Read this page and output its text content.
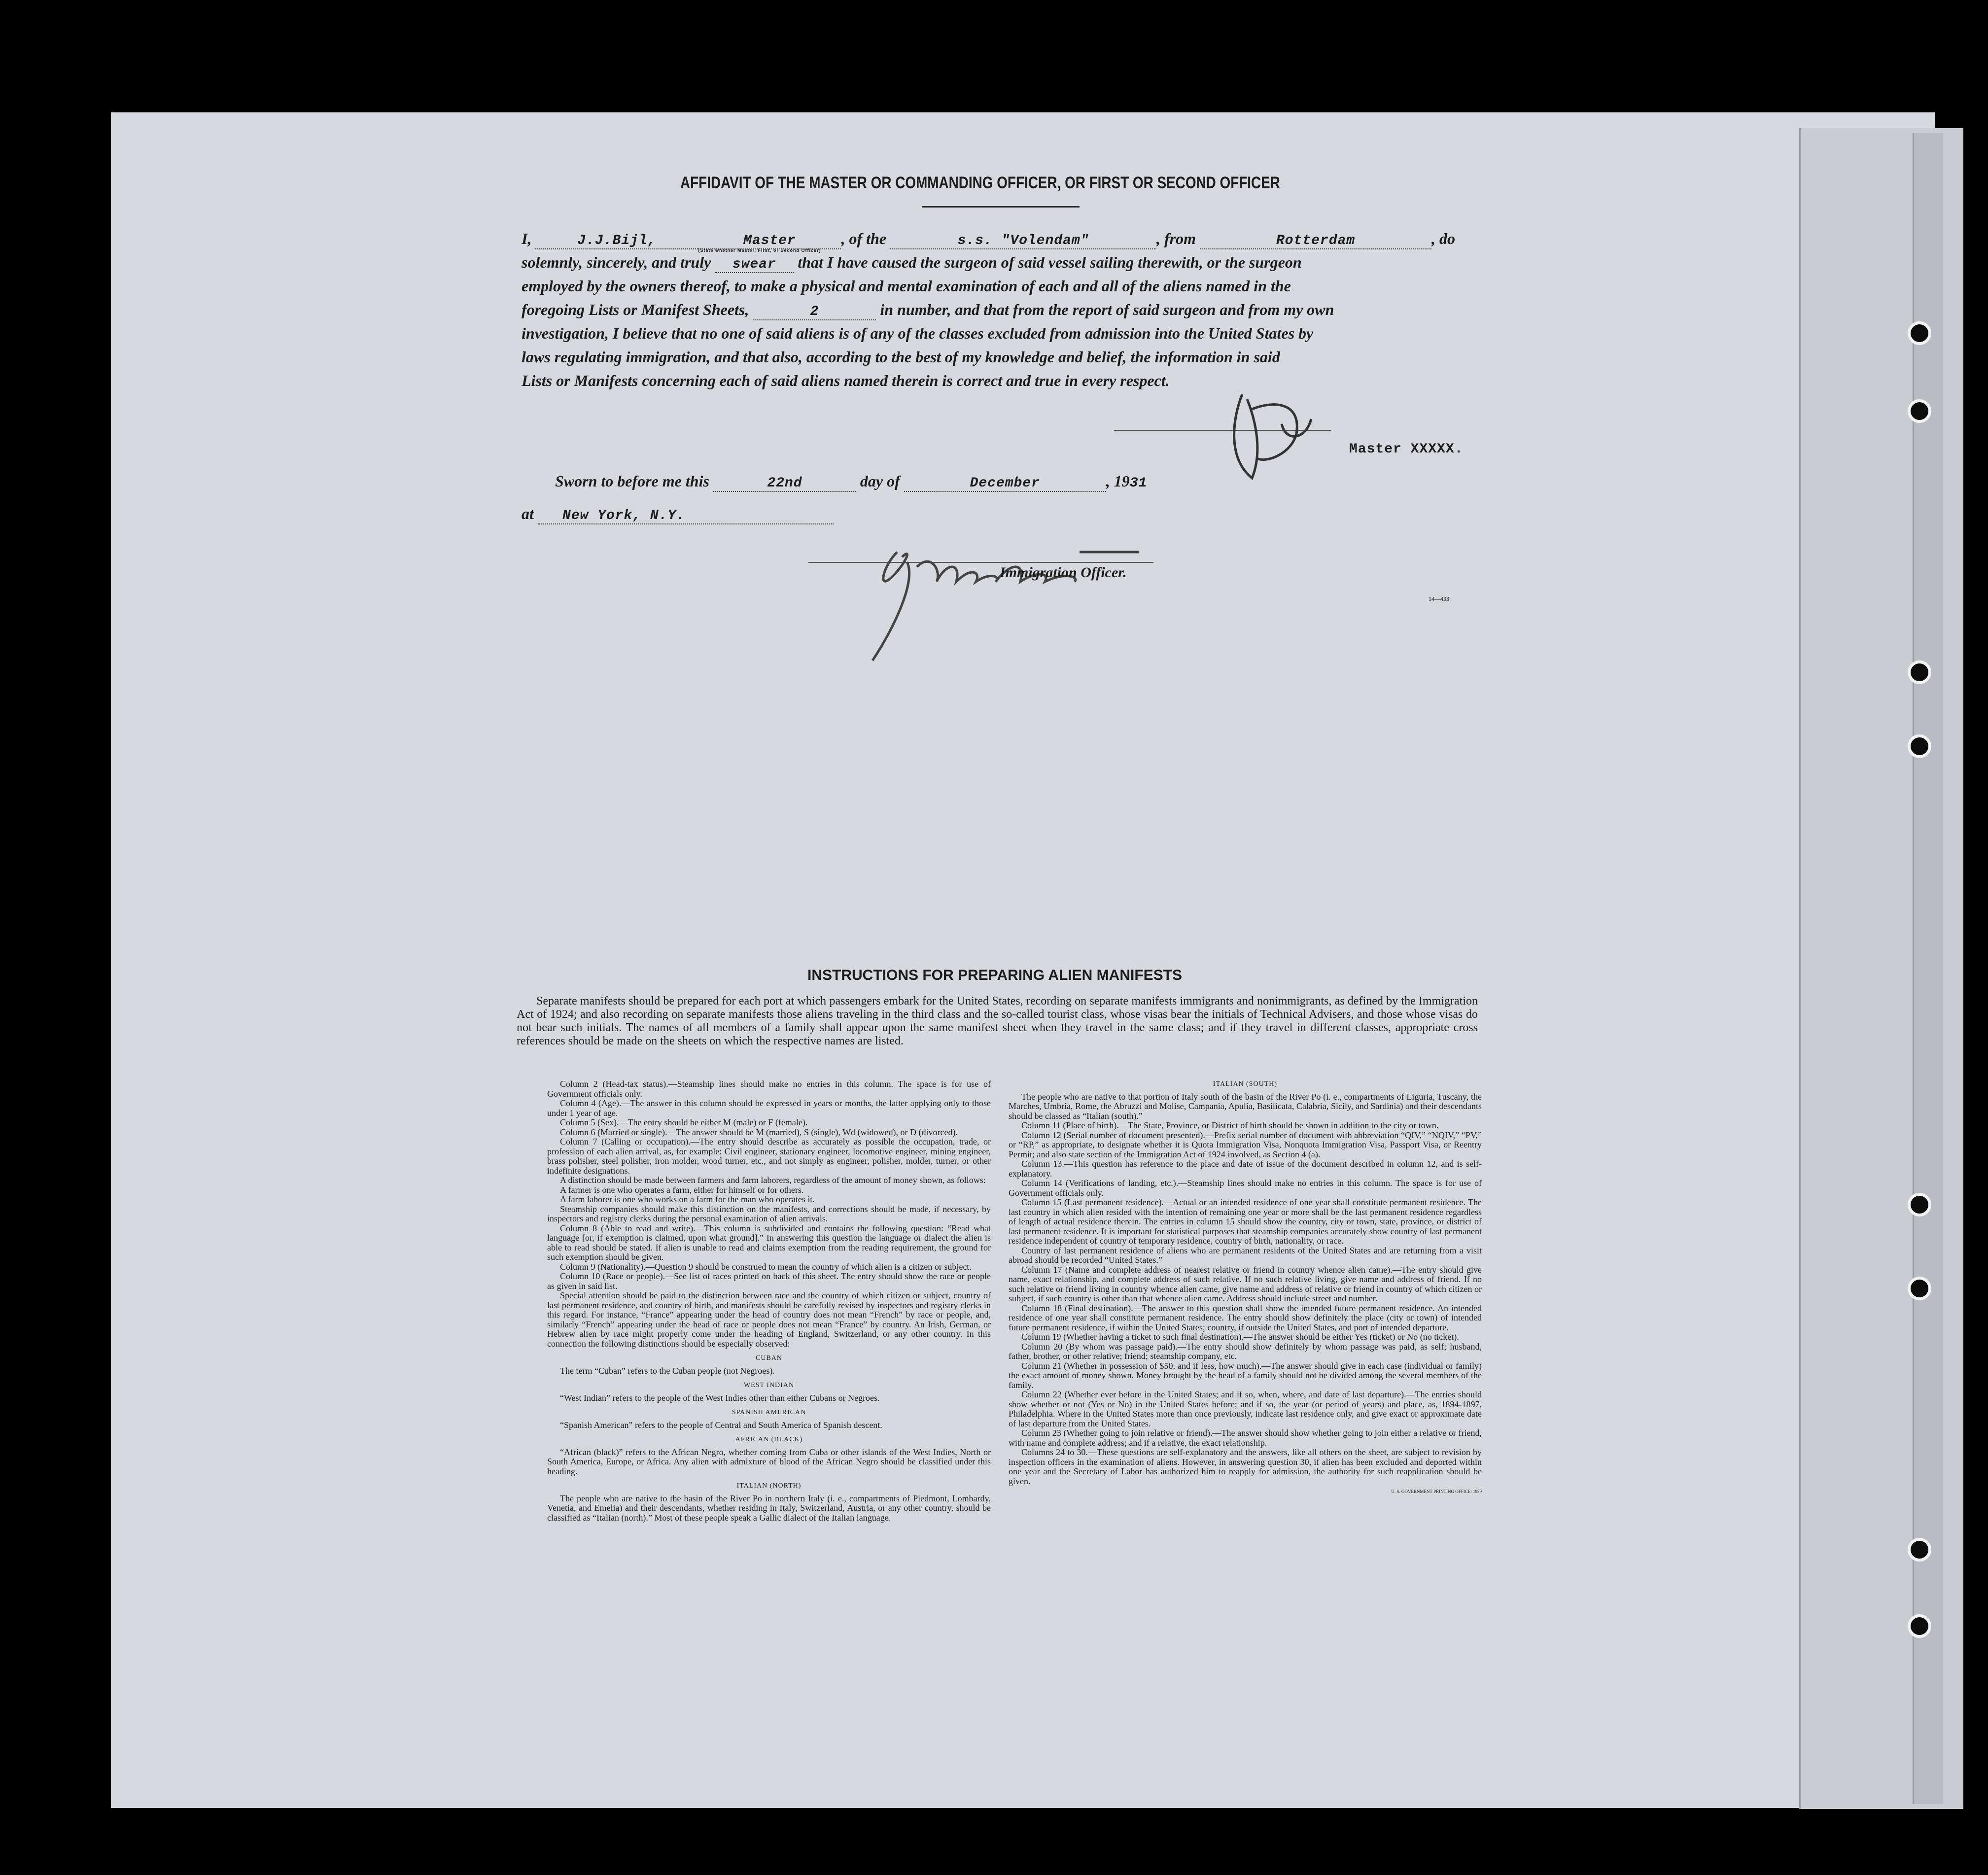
AFFIDAVIT OF THE MASTER OR COMMANDING OFFICER, OR FIRST OR SECOND OFFICER
I,	J.J.Bijl,	Master
(State whether Master, First, or Second Officer)
, of the	s.s. "Volendam"	, from	Rotterdam	, do
solemnly, sincerely, and truly swear that I have caused the surgeon of said vessel sailing therewith, or the surgeon
employed by the owners thereof, to make a physical and mental examination of each and all of the aliens named in the
foregoing Lists or Manifest Sheets,	2	in number, and that from the report of said surgeon and from my own
investigation, I believe that no one of said aliens is of any of the classes excluded from admission into the United States by
laws regulating immigration, and that also, according to the best of my knowledge and belief, the information in said
Lists or Manifests concerning each of said aliens named therein is correct and true in every respect.
Master XXXXX.
Sworn to before me this	22nd	day of	December	, 1931
at New York, N.Y.
Immigration Officer.
14—433
INSTRUCTIONS FOR PREPARING ALIEN MANIFESTS
Separate manifests should be prepared for each port at which passengers embark for the United States, recording on separate manifests immigrants and nonimmigrants, as defined by the Immigration Act of 1924; and also recording on separate manifests those aliens traveling in the third class and the so-called tourist class, whose visas bear the initials of Technical Advisers, and those whose visas do not bear such initials. The names of all members of a family shall appear upon the same manifest sheet when they travel in the same class; and if they travel in different classes, appropriate cross references should be made on the sheets on which the respective names are listed.

Column 2 (Head-tax status).—Steamship lines should make no entries in this column. The space is for use of Government officials only.

Column 4 (Age).—The answer in this column should be expressed in years or months, the latter applying only to those under 1 year of age.

Column 5 (Sex).—The entry should be either M (male) or F (female).

Column 6 (Married or single).—The answer should be M (married), S (single), Wd (widowed), or D (divorced).

Column 7 (Calling or occupation).—The entry should describe as accurately as possible the occupation, trade, or profession of each alien arrival, as, for example: Civil engineer, stationary engineer, locomotive engineer, mining engineer, brass polisher, steel polisher, iron molder, wood turner, etc., and not simply as engineer, polisher, molder, turner, or other indefinite designations.

A distinction should be made between farmers and farm laborers, regardless of the amount of money shown, as follows:

A farmer is one who operates a farm, either for himself or for others.

A farm laborer is one who works on a farm for the man who operates it.

Steamship companies should make this distinction on the manifests, and corrections should be made, if necessary, by inspectors and registry clerks during the personal examination of alien arrivals.

Column 8 (Able to read and write).—This column is subdivided and contains the following question: “Read what language [or, if exemption is claimed, upon what ground].” In answering this question the language or dialect the alien is able to read should be stated. If alien is unable to read and claims exemption from the reading requirement, the ground for such exemption should be given.

Column 9 (Nationality).—Question 9 should be construed to mean the country of which alien is a citizen or subject.

Column 10 (Race or people).—See list of races printed on back of this sheet. The entry should show the race or people as given in said list.

Special attention should be paid to the distinction between race and the country of which citizen or subject, country of last permanent residence, and country of birth, and manifests should be carefully revised by inspectors and registry clerks in this regard. For instance, “France” appearing under the head of country does not mean “French” by race or people, and, similarly “French” appearing under the head of race or people does not mean “France” by country. An Irish, German, or Hebrew alien by race might properly come under the heading of England, Switzerland, or any other country. In this connection the following distinctions should be especially observed:

CUBAN

The term “Cuban” refers to the Cuban people (not Negroes).

WEST INDIAN

“West Indian” refers to the people of the West Indies other than either Cubans or Negroes.

SPANISH AMERICAN

“Spanish American” refers to the people of Central and South America of Spanish descent.

AFRICAN (BLACK)

“African (black)” refers to the African Negro, whether coming from Cuba or other islands of the West Indies, North or South America, Europe, or Africa. Any alien with admixture of blood of the African Negro should be classified under this heading.

ITALIAN (NORTH)

The people who are native to the basin of the River Po in northern Italy (i. e., compartments of Piedmont, Lombardy, Venetia, and Emelia) and their descendants, whether residing in Italy, Switzerland, Austria, or any other country, should be classified as “Italian (north).” Most of these people speak a Gallic dialect of the Italian language.

ITALIAN (SOUTH)

The people who are native to that portion of Italy south of the basin of the River Po (i. e., compartments of Liguria, Tuscany, the Marches, Umbria, Rome, the Abruzzi and Molise, Campania, Apulia, Basilicata, Calabria, Sicily, and Sardinia) and their descendants should be classed as “Italian (south).”

Column 11 (Place of birth).—The State, Province, or District of birth should be shown in addition to the city or town.

Column 12 (Serial number of document presented).—Prefix serial number of document with abbreviation “QIV,” “NQIV,” “PV,” or “RP,” as appropriate, to designate whether it is Quota Immigration Visa, Nonquota Immigration Visa, Passport Visa, or Reentry Permit; and also state section of the Immigration Act of 1924 involved, as Section 4 (a).

Column 13.—This question has reference to the place and date of issue of the document described in column 12, and is self-explanatory.

Column 14 (Verifications of landing, etc.).—Steamship lines should make no entries in this column. The space is for use of Government officials only.

Column 15 (Last permanent residence).—Actual or an intended residence of one year shall constitute permanent residence. The last country in which alien resided with the intention of remaining one year or more shall be the last permanent residence regardless of length of actual residence therein. The entries in column 15 should show the country, city or town, state, province, or district of last permanent residence. It is important for statistical purposes that steamship companies accurately show country of last permanent residence independent of country of temporary residence, country of birth, nationality, or race.

Country of last permanent residence of aliens who are permanent residents of the United States and are returning from a visit abroad should be recorded “United States.”

Column 17 (Name and complete address of nearest relative or friend in country whence alien came).—The entry should give name, exact relationship, and complete address of such relative. If no such relative living, give name and address of friend. If no such relative or friend living in country whence alien came, give name and address of relative or friend in country of which citizen or subject, if such country is other than that whence alien came. Address should include street and number.

Column 18 (Final destination).—The answer to this question shall show the intended future permanent residence. An intended residence of one year shall constitute permanent residence. The entry should show definitely the place (city or town) of intended future permanent residence, if within the United States; country, if outside the United States, and port of intended departure.

Column 19 (Whether having a ticket to such final destination).—The answer should be either Yes (ticket) or No (no ticket).

Column 20 (By whom was passage paid).—The entry should show definitely by whom passage was paid, as self; husband, father, brother, or other relative; friend; steamship company, etc.

Column 21 (Whether in possession of $50, and if less, how much).—The answer should give in each case (individual or family) the exact amount of money shown. Money brought by the head of a family should not be divided among the several members of the family.

Column 22 (Whether ever before in the United States; and if so, when, where, and date of last departure).—The entries should show whether or not (Yes or No) in the United States before; and if so, the year (or period of years) and place, as, 1894-1897, Philadelphia. Where in the United States more than once previously, indicate last residence only, and give exact or approximate date of last departure from the United States.

Column 23 (Whether going to join relative or friend).—The answer should show whether going to join either a relative or friend, with name and complete address; and if a relative, the exact relationship.

Columns 24 to 30.—These questions are self-explanatory and the answers, like all others on the sheet, are subject to revision by inspection officers in the examination of aliens. However, in answering question 30, if alien has been excluded and deported within one year and the Secretary of Labor has authorized him to reapply for admission, the authority for such reapplication should be given.

U. S. GOVERNMENT PRINTING OFFICE: 1929
